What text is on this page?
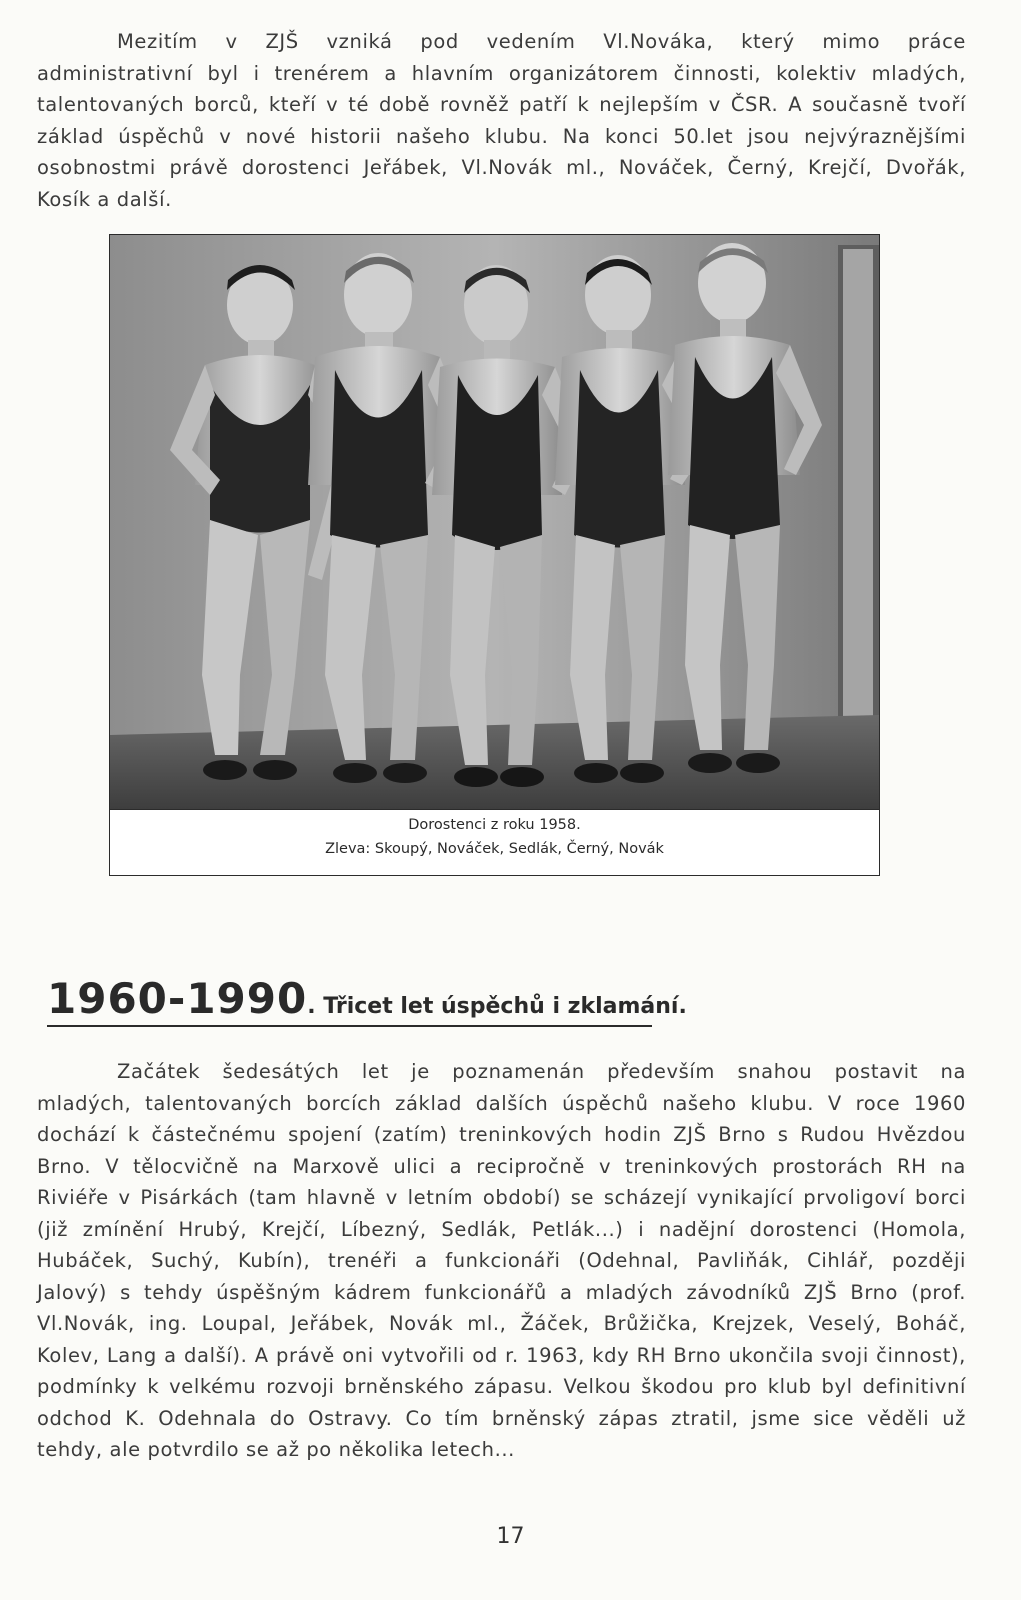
Mezitím v ZJŠ vzniká pod vedením Vl.Nováka, který mimo práce
administrativní byl i trenérem a hlavním organizátorem činnosti, kolektiv mladých,
talentovaných borců, kteří v té době rovněž patří k nejlepším v ČSR. A současně tvoří
základ úspěchů v nové historii našeho klubu. Na konci 50.let jsou nejvýraznějšími
osobnostmi právě dorostenci Jeřábek, Vl.Novák ml., Nováček, Černý, Krejčí, Dvořák,
Kosík a další.
Dorostenci z roku 1958.
Zleva: Skoupý, Nováček, Sedlák, Černý, Novák
1960-1990. Třicet let úspěchů i zklamání.
Začátek šedesátých let je poznamenán především snahou postavit na
mladých, talentovaných borcích základ dalších úspěchů našeho klubu. V roce 1960
dochází k částečnému spojení (zatím) treninkových hodin ZJŠ Brno s Rudou Hvězdou
Brno. V tělocvičně na Marxově ulici a recipročně v treninkových prostorách RH na
Riviéře v Pisárkách (tam hlavně v letním období) se scházejí vynikající prvoligoví borci
(již zmínění Hrubý, Krejčí, Líbezný, Sedlák, Petlák...) i nadějní dorostenci (Homola,
Hubáček, Suchý, Kubín), trenéři a funkcionáři (Odehnal, Pavliňák, Cihlář, později
Jalový) s tehdy úspěšným kádrem funkcionářů a mladých závodníků ZJŠ Brno (prof.
Vl.Novák, ing. Loupal, Jeřábek, Novák ml., Žáček, Brůžička, Krejzek, Veselý, Boháč,
Kolev, Lang a další). A právě oni vytvořili od r. 1963, kdy RH Brno ukončila svoji činnost),
podmínky k velkému rozvoji brněnského zápasu. Velkou škodou pro klub byl definitivní
odchod K. Odehnala do Ostravy. Co tím brněnský zápas ztratil, jsme sice věděli už
tehdy, ale potvrdilo se až po několika letech...
17
